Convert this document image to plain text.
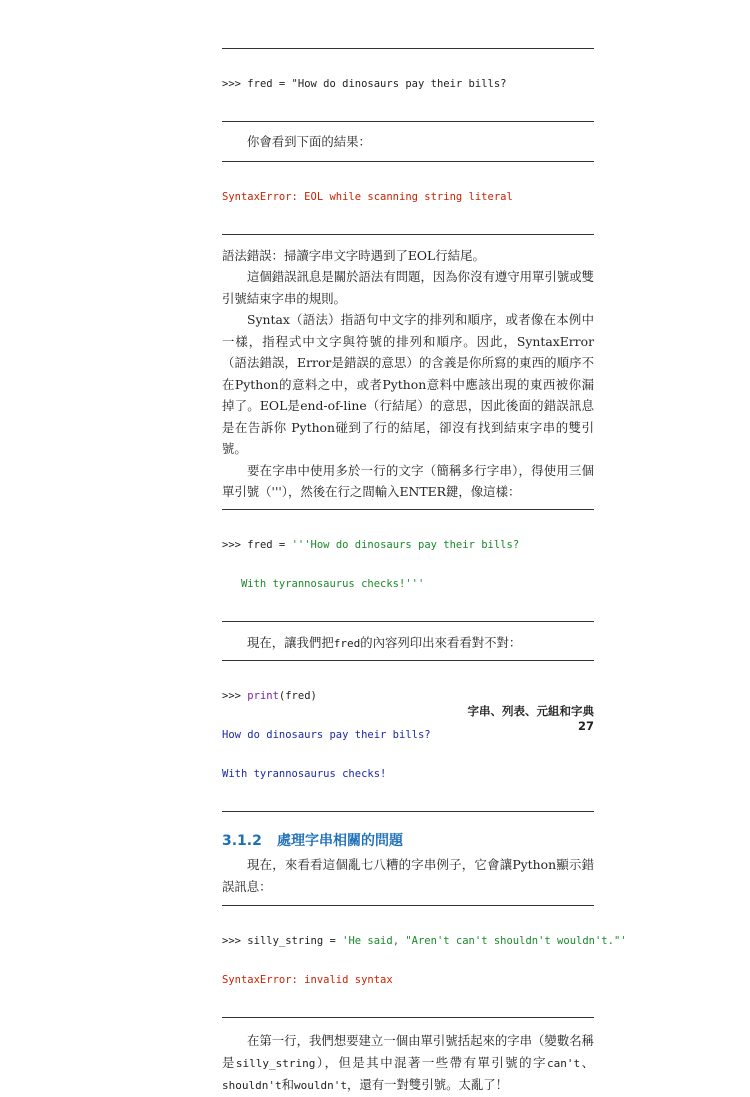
>>> fred = "How do dinosaurs pay their bills?

你會看到下面的結果：

SyntaxError: EOL while scanning string literal

語法錯誤：掃讀字串文字時遇到了EOL行結尾。

這個錯誤訊息是關於語法有問題，因為你沒有遵守用單引號或雙引號結束字串的規則。

Syntax（語法）指語句中文字的排列和順序，或者像在本例中一樣，指程式中文字與符號的排列和順序。因此，SyntaxError（語法錯誤，Error是錯誤的意思）的含義是你所寫的東西的順序不在Python的意料之中，或者Python意料中應該出現的東西被你漏掉了。EOL是end-of-line（行結尾）的意思，因此後面的錯誤訊息是在告訴你 Python碰到了行的結尾，卻沒有找到結束字串的雙引號。

要在字串中使用多於一行的文字（簡稱多行字串），得使用三個單引號（'''），然後在行之間輸入ENTER鍵，像這樣：

>>> fred = '''How do dinosaurs pay their bills?

With tyrannosaurus checks!'''

現在，讓我們把fred的內容列印出來看看對不對：

>>> print(fred)

How do dinosaurs pay their bills?

With tyrannosaurus checks!

3.1.2 處理字串相關的問題

現在，來看看這個亂七八糟的字串例子，它會讓Python顯示錯誤訊息：

>>> silly_string = 'He said, "Aren't can't shouldn't wouldn't."'

SyntaxError: invalid syntax

在第一行，我們想要建立一個由單引號括起來的字串（變數名稱是silly_string），但是其中混著一些帶有單引號的字can't、shouldn't和wouldn't，還有一對雙引號。太亂了！

字串、列表、元組和字典 27
